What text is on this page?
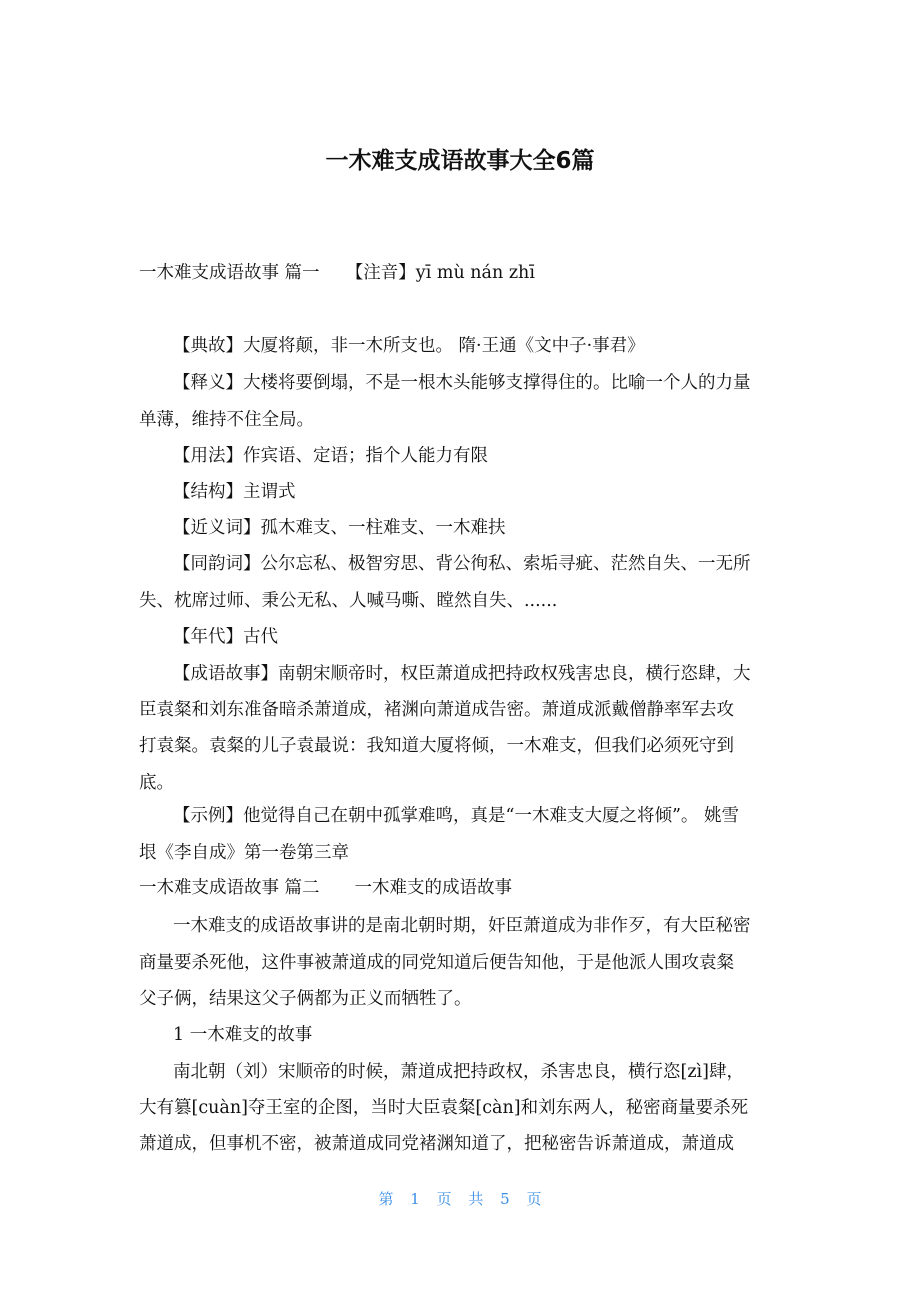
一木难支成语故事大全6篇
一木难支成语故事 篇一　　【注音】yī mù nán zhī
【典故】大厦将颠，非一木所支也。 隋·王通《文中子·事君》
【释义】大楼将要倒塌，不是一根木头能够支撑得住的。比喻一个人的力量
单薄，维持不住全局。
【用法】作宾语、定语；指个人能力有限
【结构】主谓式
【近义词】孤木难支、一柱难支、一木难扶
【同韵词】公尔忘私、极智穷思、背公徇私、索垢寻疵、茫然自失、一无所
失、枕席过师、秉公无私、人喊马嘶、瞠然自失、......
【年代】古代
【成语故事】南朝宋顺帝时，权臣萧道成把持政权残害忠良，横行恣肆，大
臣袁粲和刘东准备暗杀萧道成，褚渊向萧道成告密。萧道成派戴僧静率军去攻
打袁粲。袁粲的儿子袁最说：我知道大厦将倾，一木难支，但我们必须死守到
底。
【示例】他觉得自己在朝中孤掌难鸣，真是“一木难支大厦之将倾”。 姚雪
垠《李自成》第一卷第三章
一木难支成语故事 篇二　　一木难支的成语故事
一木难支的成语故事讲的是南北朝时期，奸臣萧道成为非作歹，有大臣秘密
商量要杀死他，这件事被萧道成的同党知道后便告知他，于是他派人围攻袁粲
父子俩，结果这父子俩都为正义而牺牲了。
1 一木难支的故事
南北朝（刘）宋顺帝的时候，萧道成把持政权，杀害忠良，横行恣[zì]肆，
大有篡[cuàn]夺王室的企图，当时大臣袁粲[càn]和刘东两人，秘密商量要杀死
萧道成，但事机不密，被萧道成同党褚渊知道了，把秘密告诉萧道成，萧道成
第 1 页 共 5 页
